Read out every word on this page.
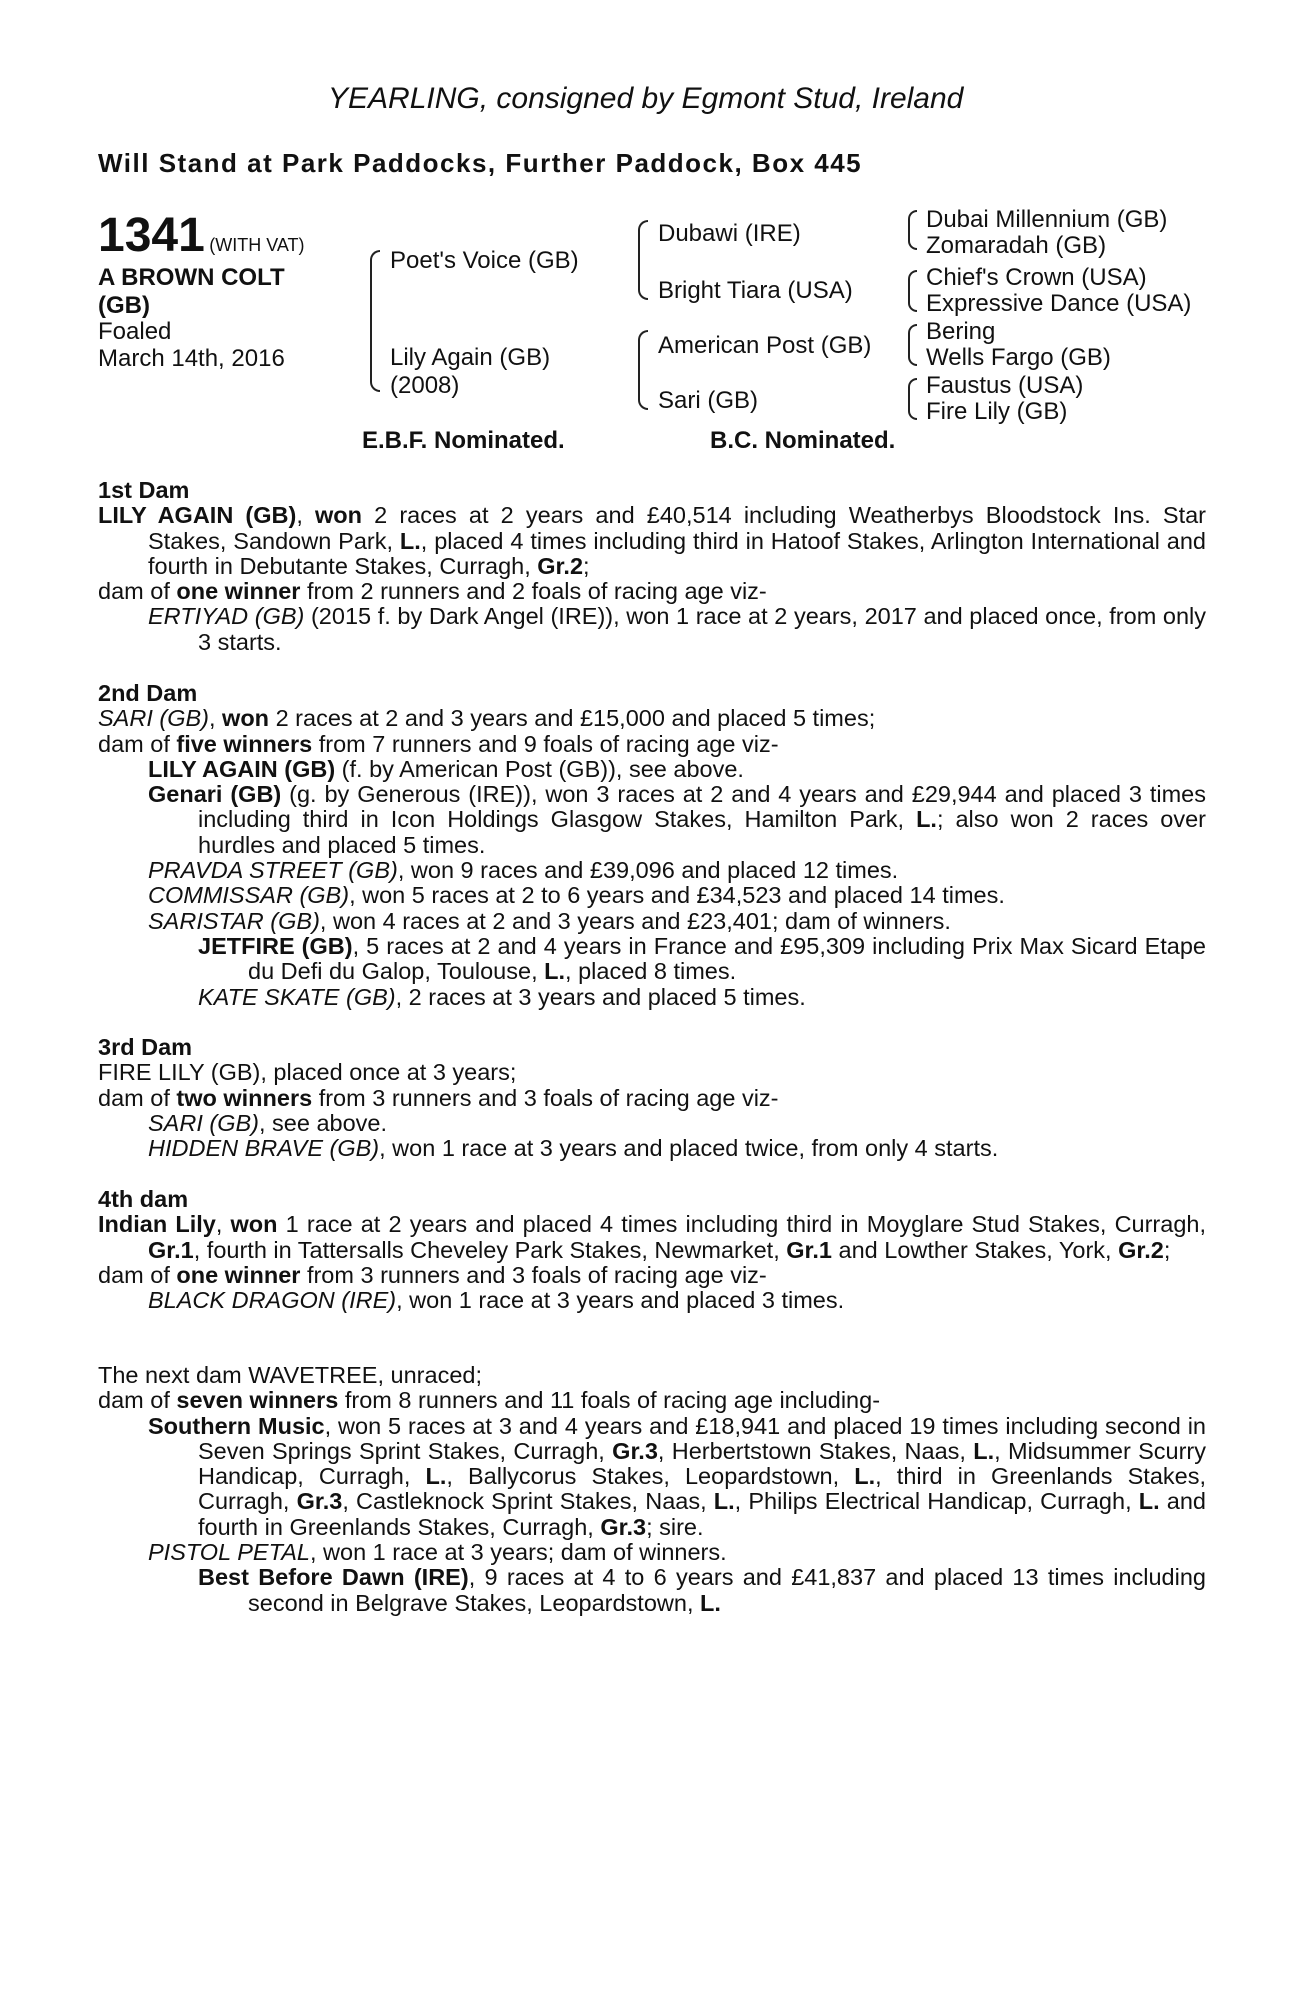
YEARLING, consigned by Egmont Stud, Ireland
Will Stand at Park Paddocks, Further Paddock, Box 445
1341 (WITH VAT)
A BROWN COLT
(GB)
Foaled
March 14th, 2016
Poet's Voice (GB)
Lily Again (GB)
(2008)
Dubawi (IRE)
Bright Tiara (USA)
American Post (GB)
Sari (GB)
Dubai Millennium (GB)
Zomaradah (GB)
Chief's Crown (USA)
Expressive Dance (USA)
Bering
Wells Fargo (GB)
Faustus (USA)
Fire Lily (GB)
E.B.F. Nominated.	B.C. Nominated.

1st Dam

LILY AGAIN (GB), won 2 races at 2 years and £40,514 including Weatherbys Bloodstock Ins. Star Stakes, Sandown Park, L., placed 4 times including third in Hatoof Stakes, Arlington International and fourth in Debutante Stakes, Curragh, Gr.2;

dam of one winner from 2 runners and 2 foals of racing age viz-

ERTIYAD (GB) (2015 f. by Dark Angel (IRE)), won 1 race at 2 years, 2017 and placed once, from only 3 starts.

2nd Dam

SARI (GB), won 2 races at 2 and 3 years and £15,000 and placed 5 times;

dam of five winners from 7 runners and 9 foals of racing age viz-

LILY AGAIN (GB) (f. by American Post (GB)), see above.

Genari (GB) (g. by Generous (IRE)), won 3 races at 2 and 4 years and £29,944 and placed 3 times including third in Icon Holdings Glasgow Stakes, Hamilton Park, L.; also won 2 races over hurdles and placed 5 times.

PRAVDA STREET (GB), won 9 races and £39,096 and placed 12 times.

COMMISSAR (GB), won 5 races at 2 to 6 years and £34,523 and placed 14 times.

SARISTAR (GB), won 4 races at 2 and 3 years and £23,401; dam of winners.

JETFIRE (GB), 5 races at 2 and 4 years in France and £95,309 including Prix Max Sicard Etape du Defi du Galop, Toulouse, L., placed 8 times.

KATE SKATE (GB), 2 races at 3 years and placed 5 times.

3rd Dam

FIRE LILY (GB), placed once at 3 years;

dam of two winners from 3 runners and 3 foals of racing age viz-

SARI (GB), see above.

HIDDEN BRAVE (GB), won 1 race at 3 years and placed twice, from only 4 starts.

4th dam

Indian Lily, won 1 race at 2 years and placed 4 times including third in Moyglare Stud Stakes, Curragh, Gr.1, fourth in Tattersalls Cheveley Park Stakes, Newmarket, Gr.1 and Lowther Stakes, York, Gr.2;

dam of one winner from 3 runners and 3 foals of racing age viz-

BLACK DRAGON (IRE), won 1 race at 3 years and placed 3 times.

The next dam WAVETREE, unraced;

dam of seven winners from 8 runners and 11 foals of racing age including-

Southern Music, won 5 races at 3 and 4 years and £18,941 and placed 19 times including second in Seven Springs Sprint Stakes, Curragh, Gr.3, Herbertstown Stakes, Naas, L., Midsummer Scurry Handicap, Curragh, L., Ballycorus Stakes, Leopardstown, L., third in Greenlands Stakes, Curragh, Gr.3, Castleknock Sprint Stakes, Naas, L., Philips Electrical Handicap, Curragh, L. and fourth in Greenlands Stakes, Curragh, Gr.3; sire.

PISTOL PETAL, won 1 race at 3 years; dam of winners.

Best Before Dawn (IRE), 9 races at 4 to 6 years and £41,837 and placed 13 times including second in Belgrave Stakes, Leopardstown, L.
